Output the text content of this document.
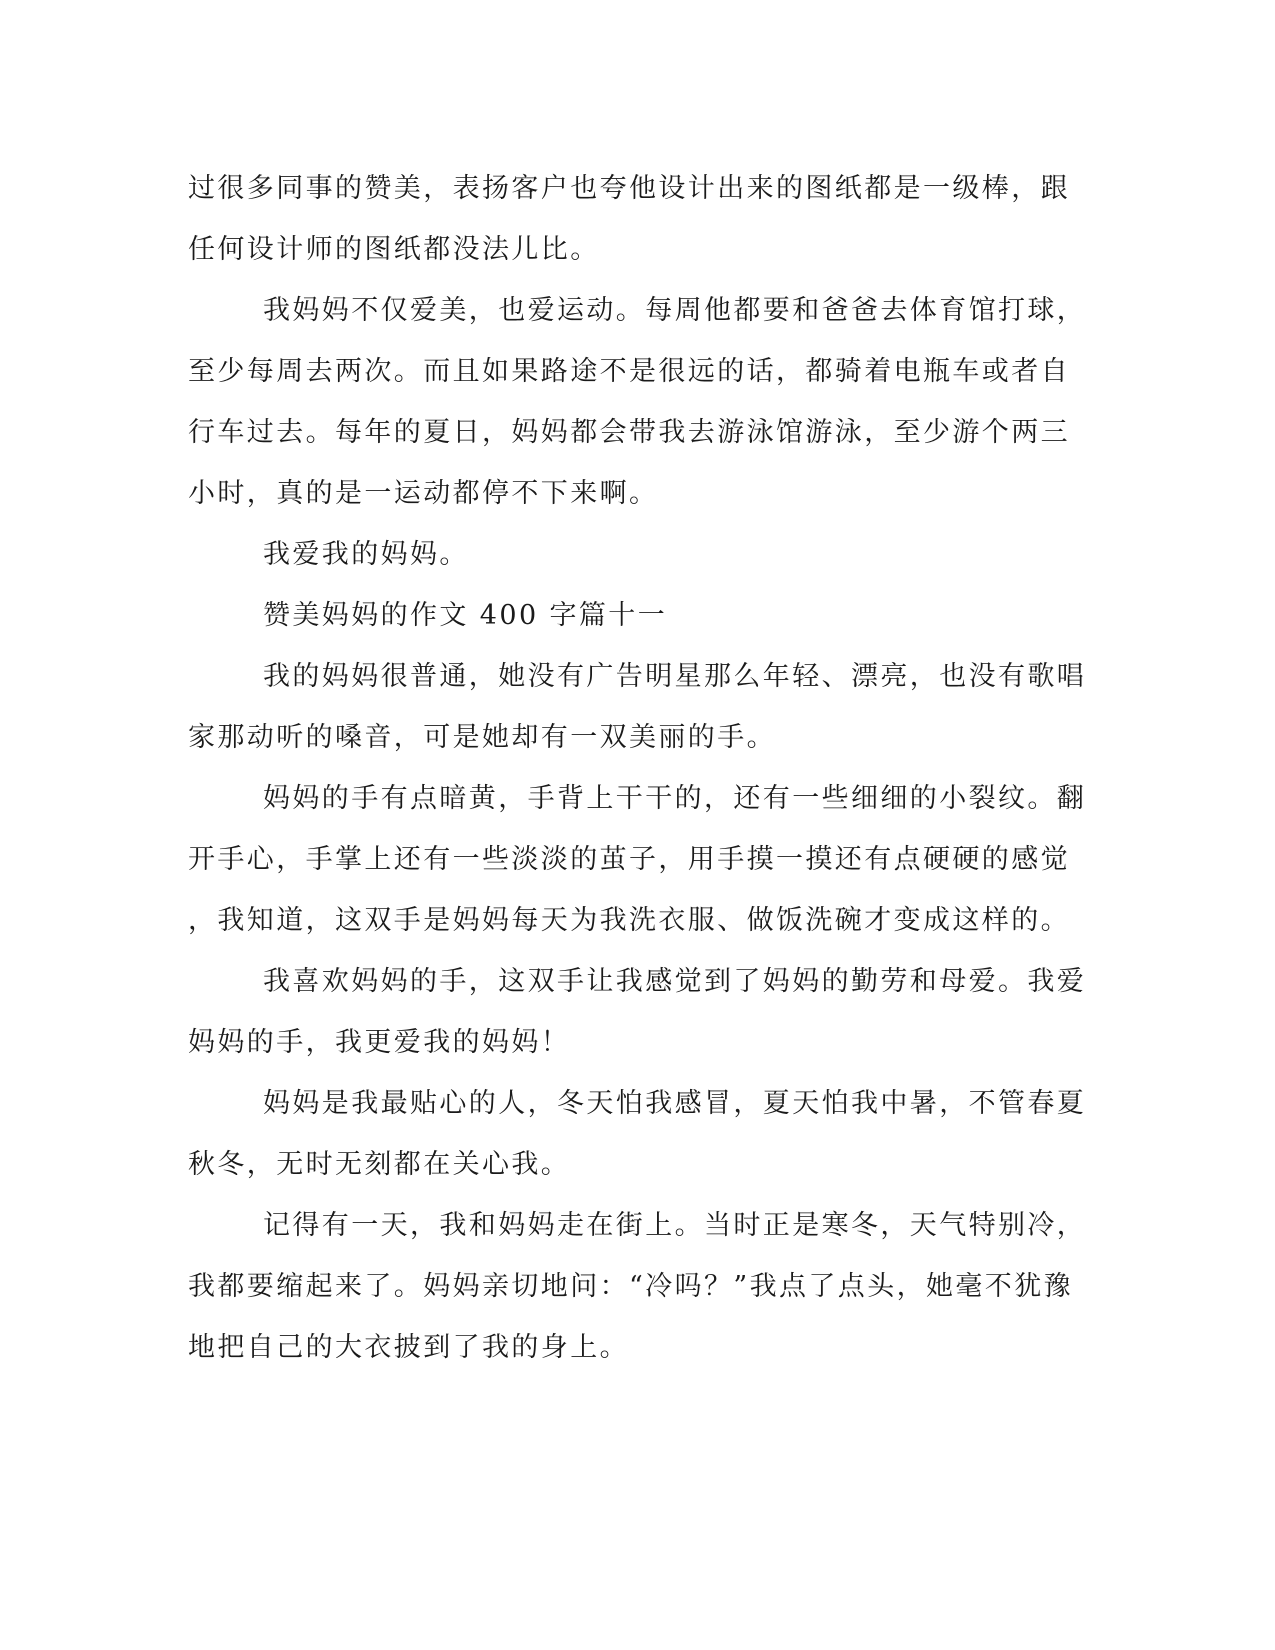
过很多同事的赞美，表扬客户也夸他设计出来的图纸都是一级棒，跟
任何设计师的图纸都没法儿比。
我妈妈不仅爱美，也爱运动。每周他都要和爸爸去体育馆打球，
至少每周去两次。而且如果路途不是很远的话，都骑着电瓶车或者自
行车过去。每年的夏日，妈妈都会带我去游泳馆游泳，至少游个两三
小时，真的是一运动都停不下来啊。
我爱我的妈妈。
赞美妈妈的作文 400 字篇十一
我的妈妈很普通，她没有广告明星那么年轻、漂亮，也没有歌唱
家那动听的嗓音，可是她却有一双美丽的手。
妈妈的手有点暗黄，手背上干干的，还有一些细细的小裂纹。翻
开手心，手掌上还有一些淡淡的茧子，用手摸一摸还有点硬硬的感觉
，我知道，这双手是妈妈每天为我洗衣服、做饭洗碗才变成这样的。
我喜欢妈妈的手，这双手让我感觉到了妈妈的勤劳和母爱。我爱
妈妈的手，我更爱我的妈妈！
妈妈是我最贴心的人，冬天怕我感冒，夏天怕我中暑，不管春夏
秋冬，无时无刻都在关心我。
记得有一天，我和妈妈走在街上。当时正是寒冬，天气特别冷，
我都要缩起来了。妈妈亲切地问：“冷吗？”我点了点头，她毫不犹豫
地把自己的大衣披到了我的身上。
